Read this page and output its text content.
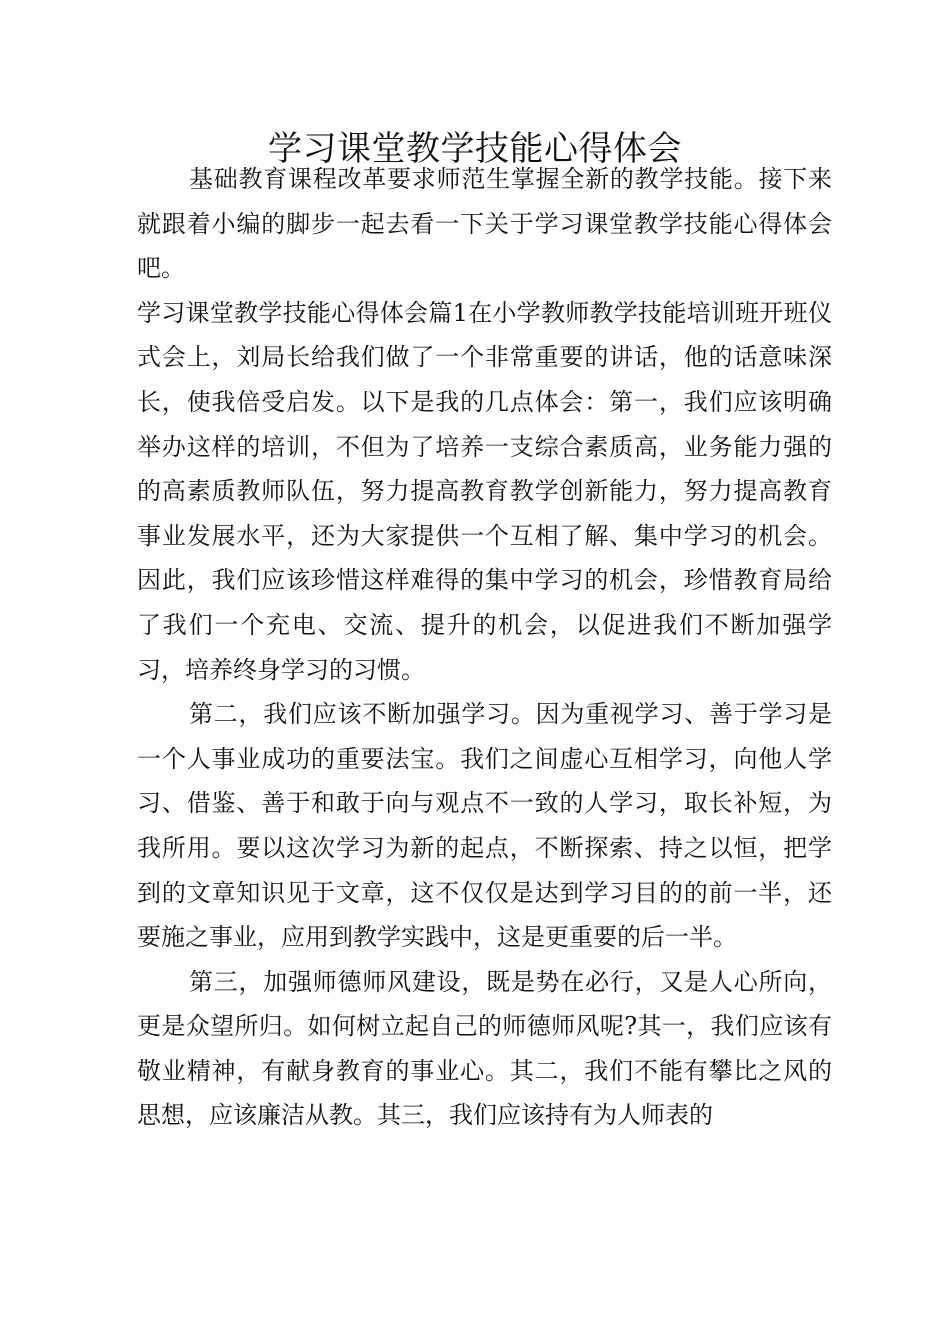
学习课堂教学技能心得体会

基础教育课程改革要求师范生掌握全新的教学技能。接下来就跟着小编的脚步一起去看一下关于学习课堂教学技能心得体会吧。

学习课堂教学技能心得体会篇1在小学教师教学技能培训班开班仪式会上，刘局长给我们做了一个非常重要的讲话，他的话意味深长，使我倍受启发。以下是我的几点体会：第一，我们应该明确举办这样的培训，不但为了培养一支综合素质高，业务能力强的的高素质教师队伍，努力提高教育教学创新能力，努力提高教育事业发展水平，还为大家提供一个互相了解、集中学习的机会。因此，我们应该珍惜这样难得的集中学习的机会，珍惜教育局给了我们一个充电、交流、提升的机会，以促进我们不断加强学习，培养终身学习的习惯。

第二，我们应该不断加强学习。因为重视学习、善于学习是一个人事业成功的重要法宝。我们之间虚心互相学习，向他人学习、借鉴、善于和敢于向与观点不一致的人学习，取长补短，为我所用。要以这次学习为新的起点，不断探索、持之以恒，把学到的文章知识见于文章，这不仅仅是达到学习目的的前一半，还要施之事业，应用到教学实践中，这是更重要的后一半。

第三，加强师德师风建设，既是势在必行，又是人心所向，更是众望所归。如何树立起自己的师德师风呢?其一，我们应该有敬业精神，有献身教育的事业心。其二，我们不能有攀比之风的思想，应该廉洁从教。其三，我们应该持有为人师表的
